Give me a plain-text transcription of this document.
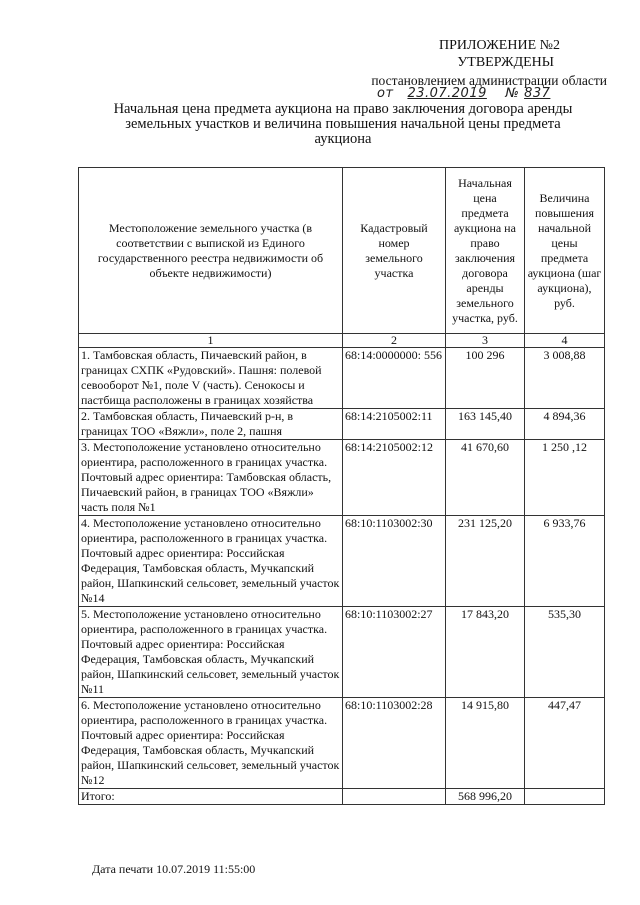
ПРИЛОЖЕНИЕ №2
УТВЕРЖДЕНЫ
постановлением администрации области
от 23.07.2019 № 837
Начальная цена предмета аукциона на право заключения договора аренды земельных участков и величина повышения начальной цены предмета аукциона
Местоположение земельного участка (в соответствии с выпиской из Единого государственного реестра недвижимости об объекте недвижимости)	Кадастровый номер земельного участка	Начальная цена предмета аукциона на право заключения договора аренды земельного участка, руб.	Величина повышения начальной цены предмета аукциона (шаг аукциона), руб.
1	2	3	4
1. Тамбовская область, Пичаевский район, в границах СХПК «Рудовский». Пашня: полевой севооборот №1, поле V (часть). Сенокосы и пастбища расположены в границах хозяйства	68:14:0000000: 556	100 296	3 008,88
2. Тамбовская область, Пичаевский р-н, в границах ТОО «Вяжли», поле 2, пашня	68:14:2105002:11	163 145,40	4 894,36
3. Местоположение установлено относительно ориентира, расположенного в границах участка. Почтовый адрес ориентира: Тамбовская область, Пичаевский район, в границах ТОО «Вяжли» часть поля №1	68:14:2105002:12	41 670,60	1 250 ,12
4. Местоположение установлено относительно ориентира, расположенного в границах участка. Почтовый адрес ориентира: Российская Федерация, Тамбовская область, Мучкапский район, Шапкинский сельсовет, земельный участок №14	68:10:1103002:30	231 125,20	6 933,76
5. Местоположение установлено относительно ориентира, расположенного в границах участка. Почтовый адрес ориентира: Российская Федерация, Тамбовская область, Мучкапский район, Шапкинский сельсовет, земельный участок №11	68:10:1103002:27	17 843,20	535,30
6. Местоположение установлено относительно ориентира, расположенного в границах участка. Почтовый адрес ориентира: Российская Федерация, Тамбовская область, Мучкапский район, Шапкинский сельсовет, земельный участок №12	68:10:1103002:28	14 915,80	447,47
Итого:		568 996,20	
Дата печати 10.07.2019 11:55:00
